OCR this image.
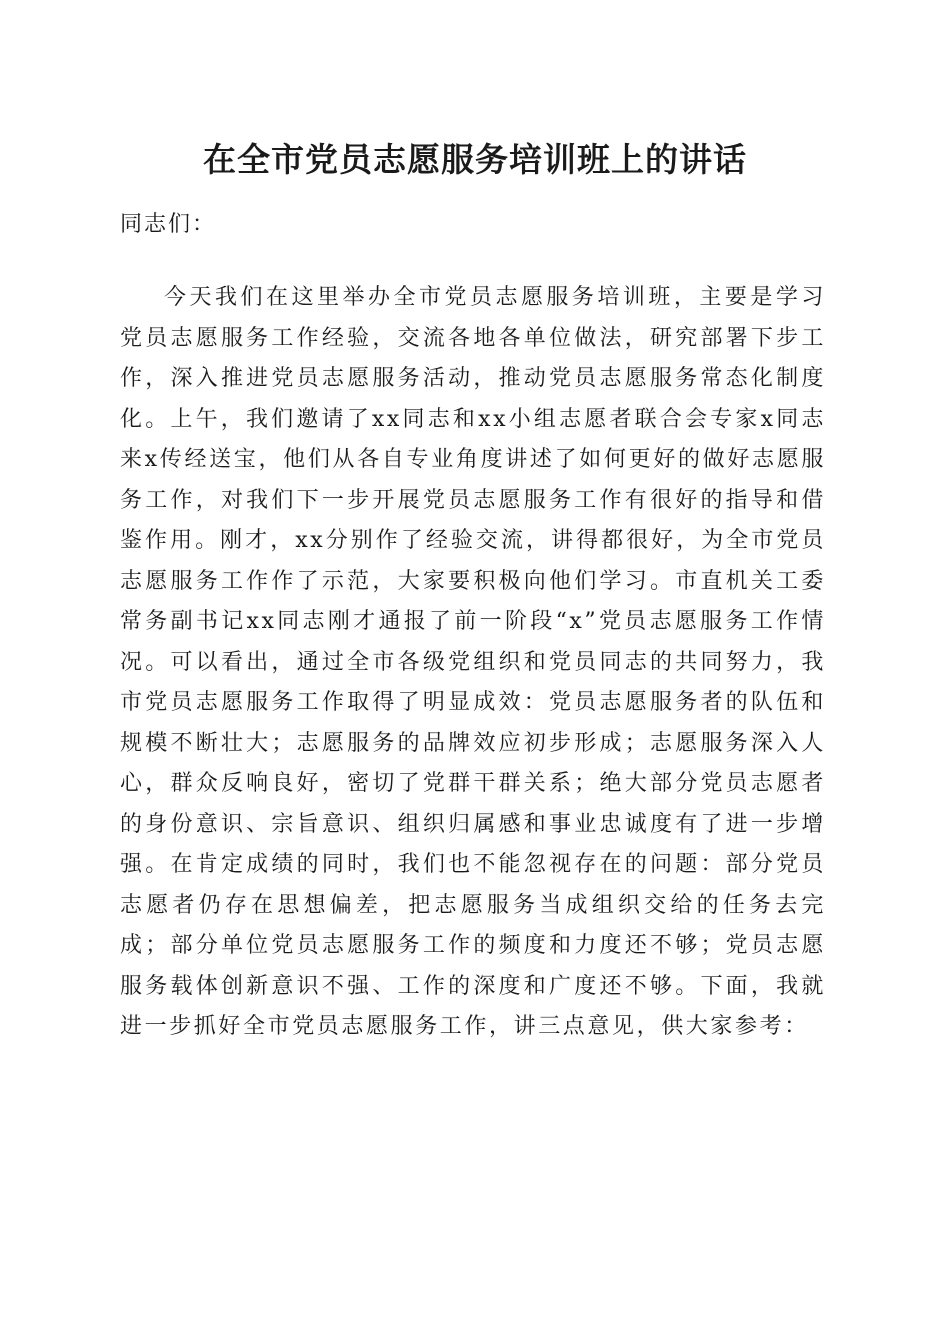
在全市党员志愿服务培训班上的讲话

同志们：

今天我们在这里举办全市党员志愿服务培训班，主要是学习党员志愿服务工作经验，交流各地各单位做法，研究部署下步工作，深入推进党员志愿服务活动，推动党员志愿服务常态化制度化。上午，我们邀请了xx同志和xx小组志愿者联合会专家x同志来x传经送宝，他们从各自专业角度讲述了如何更好的做好志愿服务工作，对我们下一步开展党员志愿服务工作有很好的指导和借鉴作用。刚才，xx分别作了经验交流，讲得都很好，为全市党员志愿服务工作作了示范，大家要积极向他们学习。市直机关工委常务副书记xx同志刚才通报了前一阶段“x”党员志愿服务工作情况。可以看出，通过全市各级党组织和党员同志的共同努力，我市党员志愿服务工作取得了明显成效：党员志愿服务者的队伍和规模不断壮大；志愿服务的品牌效应初步形成；志愿服务深入人心，群众反响良好，密切了党群干群关系；绝大部分党员志愿者的身份意识、宗旨意识、组织归属感和事业忠诚度有了进一步增强。在肯定成绩的同时，我们也不能忽视存在的问题：部分党员志愿者仍存在思想偏差，把志愿服务当成组织交给的任务去完成；部分单位党员志愿服务工作的频度和力度还不够；党员志愿服务载体创新意识不强、工作的深度和广度还不够。下面，我就进一步抓好全市党员志愿服务工作，讲三点意见，供大家参考：
